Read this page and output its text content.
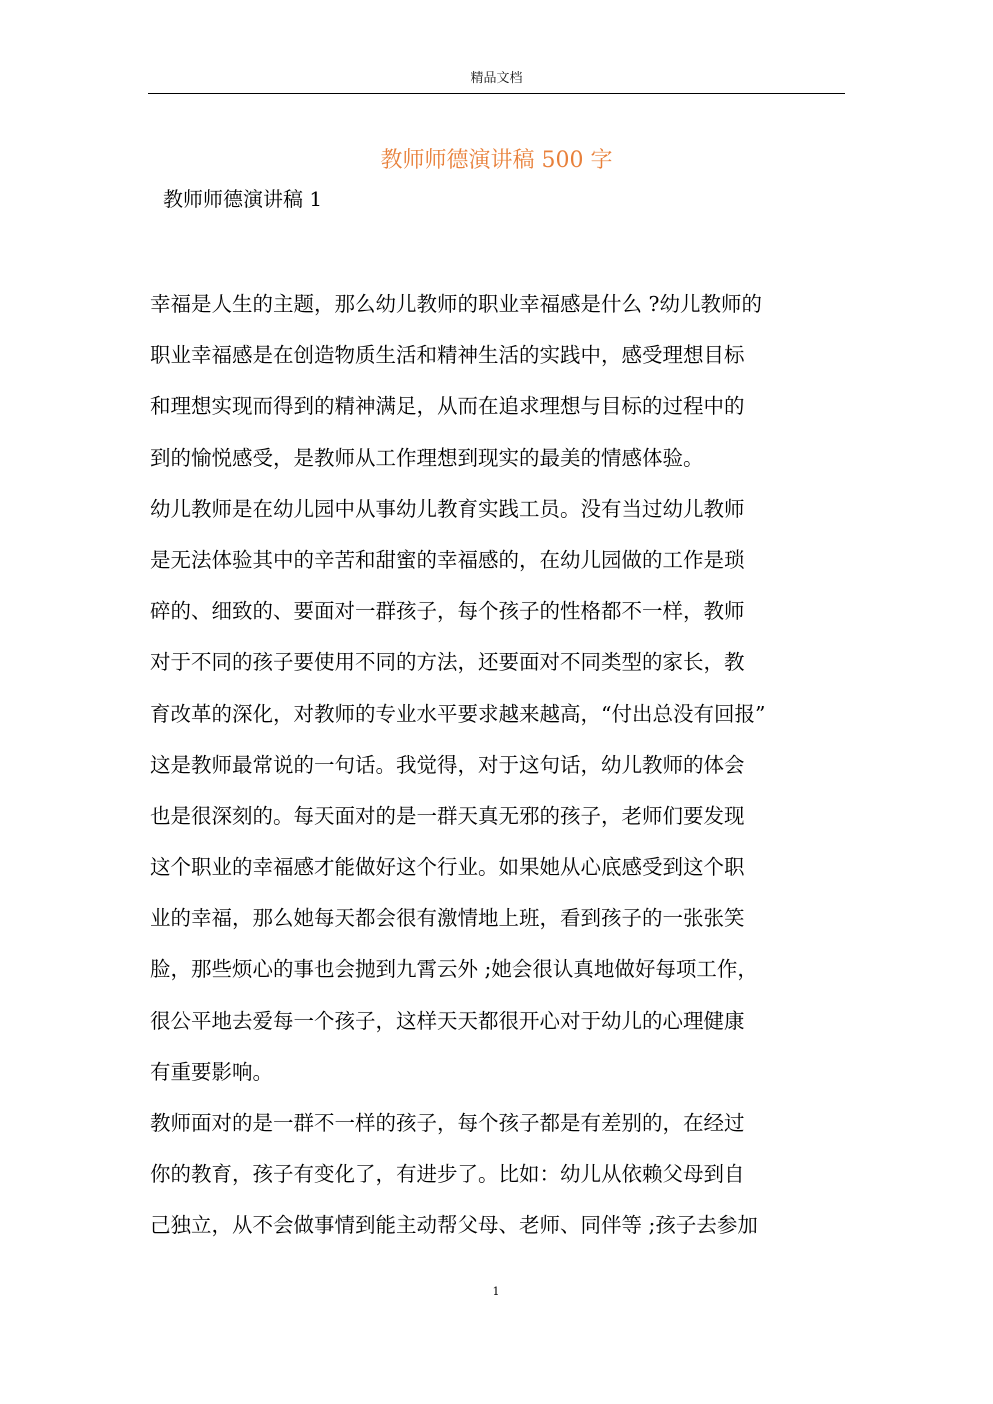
精品文档
教师师德演讲稿 500 字
教师师德演讲稿 1
幸福是人生的主题，那么幼儿教师的职业幸福感是什么 ?幼儿教师的
职业幸福感是在创造物质生活和精神生活的实践中，感受理想目标
和理想实现而得到的精神满足，从而在追求理想与目标的过程中的
到的愉悦感受，是教师从工作理想到现实的最美的情感体验。
幼儿教师是在幼儿园中从事幼儿教育实践工员。没有当过幼儿教师
是无法体验其中的辛苦和甜蜜的幸福感的，在幼儿园做的工作是琐
碎的、细致的、要面对一群孩子，每个孩子的性格都不一样，教师
对于不同的孩子要使用不同的方法，还要面对不同类型的家长，教
育改革的深化，对教师的专业水平要求越来越高，“付出总没有回报”
这是教师最常说的一句话。我觉得，对于这句话，幼儿教师的体会
也是很深刻的。每天面对的是一群天真无邪的孩子，老师们要发现
这个职业的幸福感才能做好这个行业。如果她从心底感受到这个职
业的幸福，那么她每天都会很有激情地上班，看到孩子的一张张笑
脸，那些烦心的事也会抛到九霄云外 ;她会很认真地做好每项工作，
很公平地去爱每一个孩子，这样天天都很开心对于幼儿的心理健康
有重要影响。
教师面对的是一群不一样的孩子，每个孩子都是有差别的，在经过
你的教育，孩子有变化了，有进步了。比如：幼儿从依赖父母到自
己独立，从不会做事情到能主动帮父母、老师、同伴等 ;孩子去参加
1
